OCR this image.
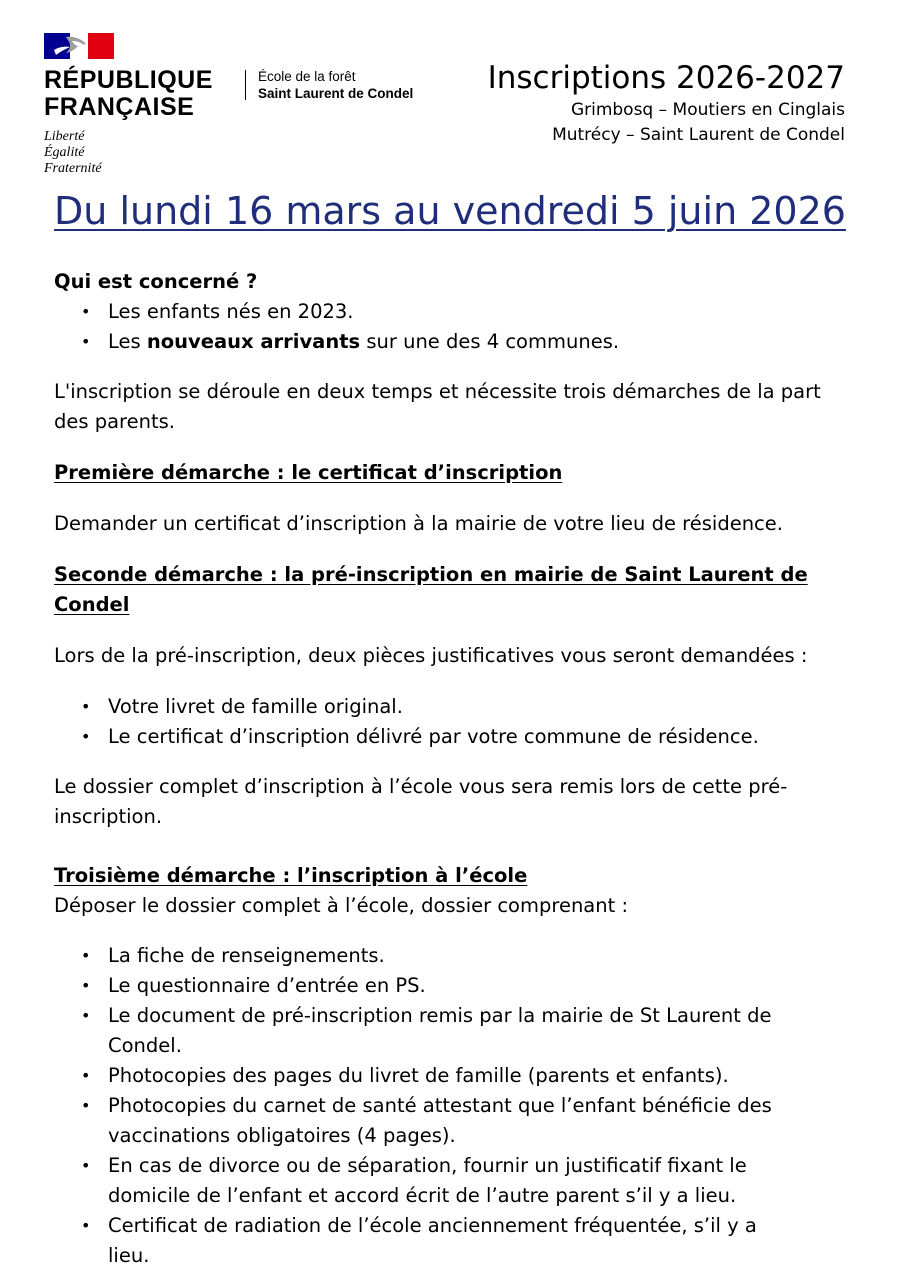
RÉPUBLIQUE
FRANÇAISE
Liberté
Égalité
Fraternité
École de la forêt
Saint Laurent de Condel Inscriptions 2026-2027
Grimbosq – Moutiers en Cinglais
Mutrécy – Saint Laurent de Condel
Du lundi 16 mars au vendredi 5 juin 2026
Qui est concerné ?
• Les enfants nés en 2023.
• Les nouveaux arrivants sur une des 4 communes.

L'inscription se déroule en deux temps et nécessite trois démarches de la part des parents.

Première démarche : le certificat d’inscription

Demander un certificat d’inscription à la mairie de votre lieu de résidence.

Seconde démarche : la pré-inscription en mairie de Saint Laurent de Condel

Lors de la pré-inscription, deux pièces justificatives vous seront demandées :

• Votre livret de famille original.
• Le certificat d’inscription délivré par votre commune de résidence.

Le dossier complet d’inscription à l’école vous sera remis lors de cette pré-inscription.

Troisième démarche : l’inscription à l’école

Déposer le dossier complet à l’école, dossier comprenant :

• La fiche de renseignements.
• Le questionnaire d’entrée en PS.
• Le document de pré-inscription remis par la mairie de St Laurent de Condel.
• Photocopies des pages du livret de famille (parents et enfants).
• Photocopies du carnet de santé attestant que l’enfant bénéficie des vaccinations obligatoires (4 pages).
• En cas de divorce ou de séparation, fournir un justificatif fixant le domicile de l’enfant et accord écrit de l’autre parent s’il y a lieu.
• Certificat de radiation de l’école anciennement fréquentée, s’il y a lieu.
